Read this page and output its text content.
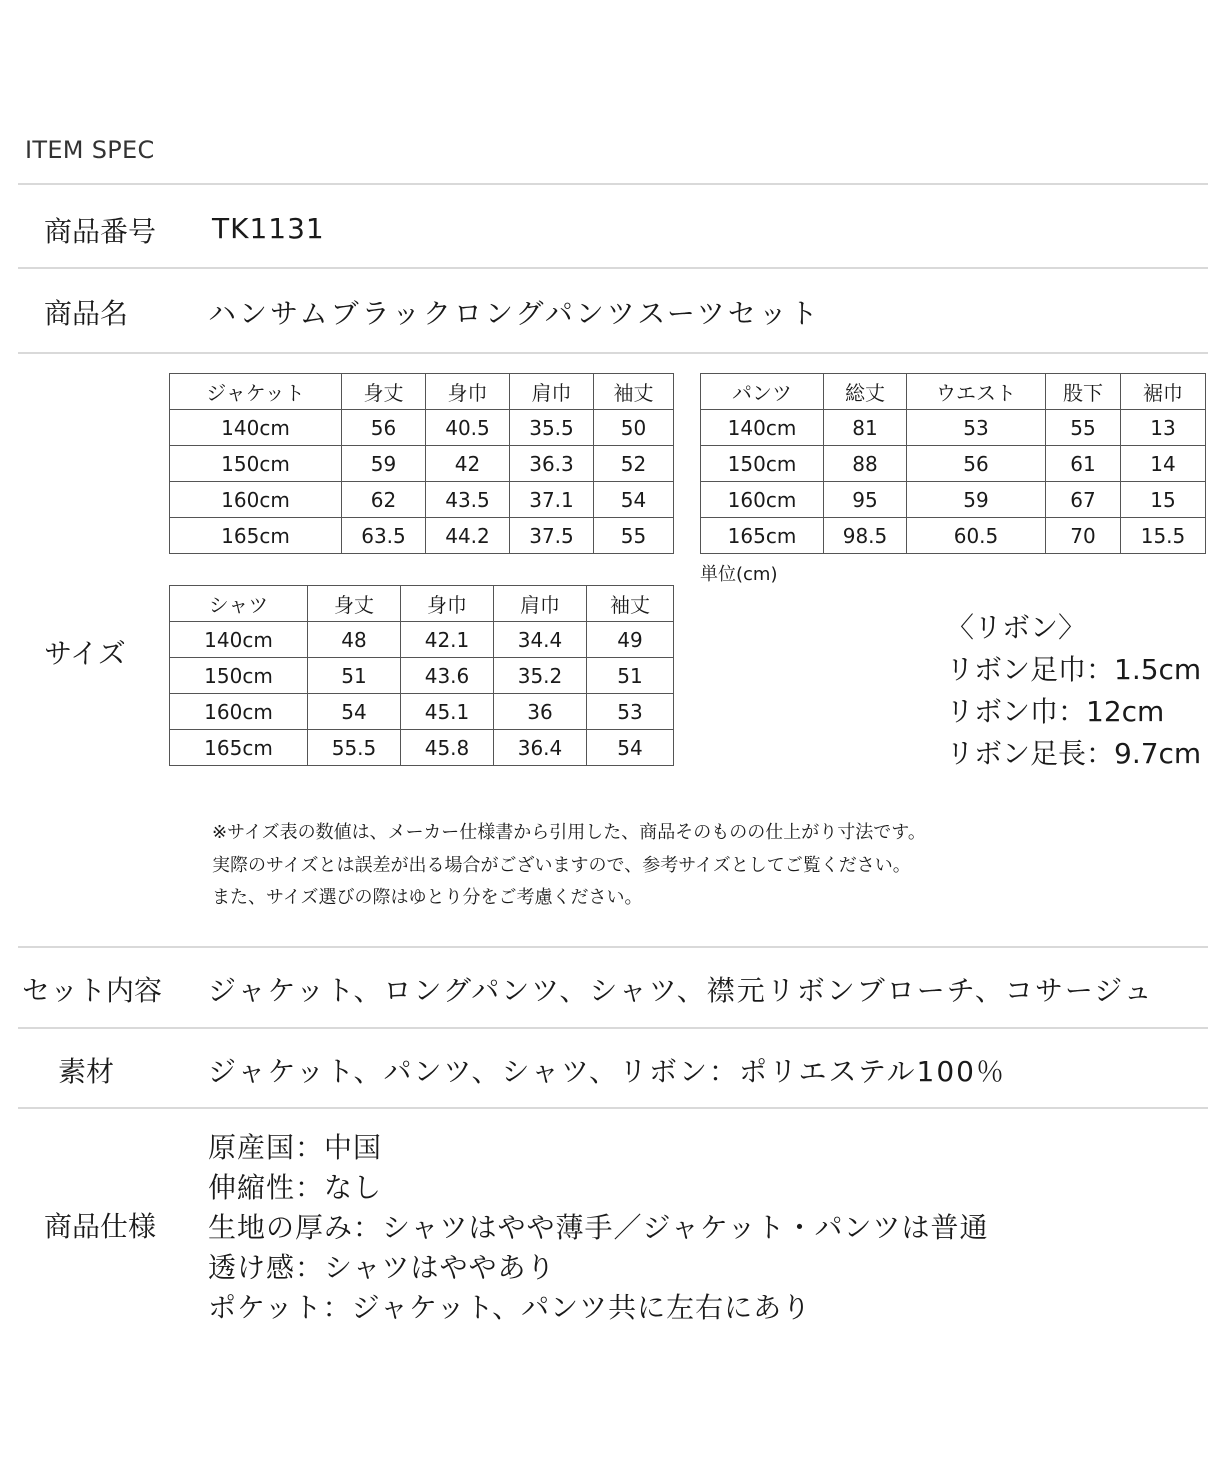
ITEM SPEC
商品番号 TK1131
商品名	ハンサムブラックロングパンツスーツセット
サイズ
ジャケット	身丈	身巾	肩巾	袖丈
140cm	56	40.5	35.5	50
150cm	59	42	36.3	52
160cm	62	43.5	37.1	54
165cm	63.5	44.2	37.5	55
パンツ	総丈	ウエスト	股下	裾巾
140cm	81	53	55	13
150cm	88	56	61	14
160cm	95	59	67	15
165cm	98.5	60.5	70	15.5
単位(cm)
シャツ	身丈	身巾	肩巾	袖丈
140cm	48	42.1	34.4	49
150cm	51	43.6	35.2	51
160cm	54	45.1	36	53
165cm	55.5	45.8	36.4	54
〈リボン〉
リボン足巾：1.5cm
リボン巾：12cm
リボン足長：9.7cm
※サイズ表の数値は、メーカー仕様書から引用した、商品そのものの仕上がり寸法です。
実際のサイズとは誤差が出る場合がございますので、参考サイズとしてご覧ください。
また、サイズ選びの際はゆとり分をご考慮ください。
セット内容 ジャケット、ロングパンツ、シャツ、襟元リボンブローチ、コサージュ
素材	ジャケット、パンツ、シャツ、リボン：ポリエステル100％
商品仕様
原産国：中国
伸縮性：なし
生地の厚み：シャツはやや薄手／ジャケット・パンツは普通
透け感：シャツはややあり
ポケット：ジャケット、パンツ共に左右にあり
